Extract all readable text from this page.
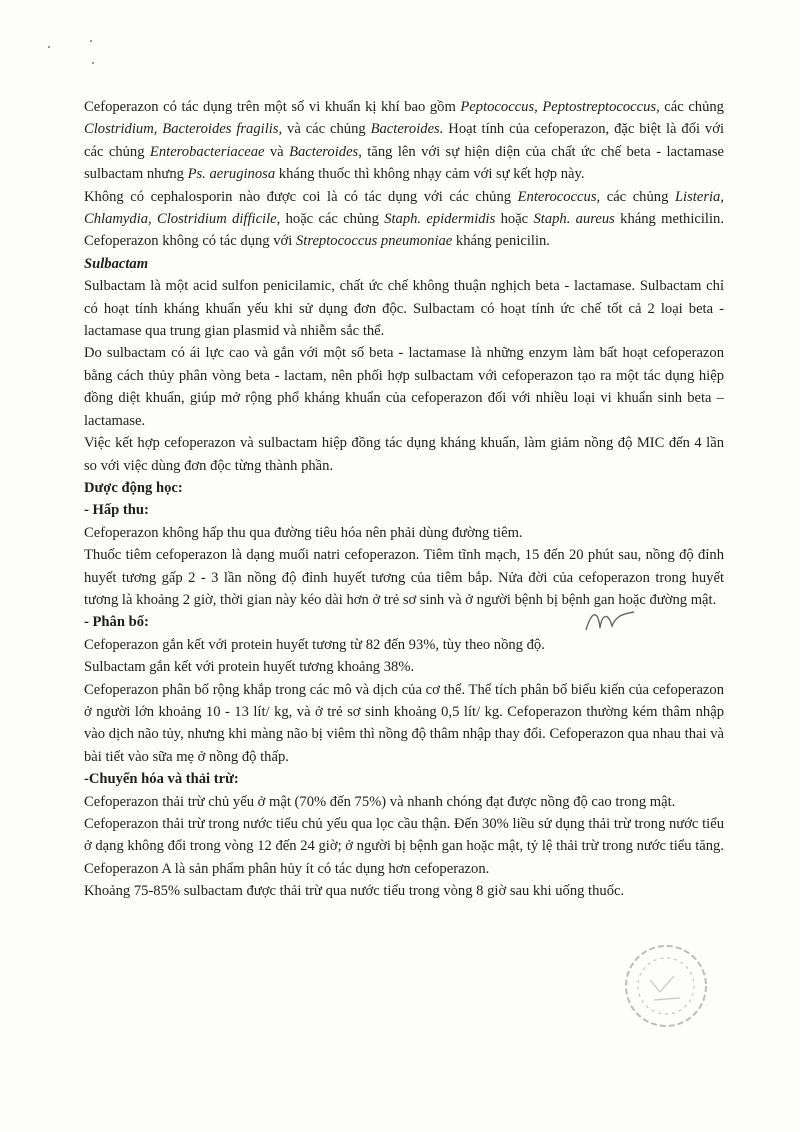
Cefoperazon có tác dụng trên một số vi khuẩn kị khí bao gồm Peptococcus, Peptostreptococcus, các chủng Clostridium, Bacteroides fragilis, và các chủng Bacteroides. Hoạt tính của cefoperazon, đặc biệt là đối với các chủng Enterobacteriaceae và Bacteroides, tăng lên với sự hiện diện của chất ức chế beta - lactamase sulbactam nhưng Ps. aeruginosa kháng thuốc thì không nhạy cảm với sự kết hợp này.

Không có cephalosporin nào được coi là có tác dụng với các chủng Enterococcus, các chủng Listeria, Chlamydia, Clostridium difficile, hoặc các chủng Staph. epidermidis hoặc Staph. aureus kháng methicilin. Cefoperazon không có tác dụng với Streptococcus pneumoniae kháng penicilin.

Sulbactam

Sulbactam là một acid sulfon penicilamic, chất ức chế không thuận nghịch beta - lactamase. Sulbactam chỉ có hoạt tính kháng khuẩn yếu khi sử dụng đơn độc. Sulbactam có hoạt tính ức chế tốt cả 2 loại beta - lactamase qua trung gian plasmid và nhiễm sắc thể.

Do sulbactam có ái lực cao và gắn với một số beta - lactamase là những enzym làm bất hoạt cefoperazon bằng cách thủy phân vòng beta - lactam, nên phối hợp sulbactam với cefoperazon tạo ra một tác dụng hiệp đồng diệt khuẩn, giúp mở rộng phổ kháng khuẩn của cefoperazon đối với nhiều loại vi khuẩn sinh beta – lactamase.

Việc kết hợp cefoperazon và sulbactam hiệp đồng tác dụng kháng khuẩn, làm giảm nồng độ MIC đến 4 lần so với việc dùng đơn độc từng thành phần.

Dược động học:

- Hấp thu:

Cefoperazon không hấp thu qua đường tiêu hóa nên phải dùng đường tiêm.

Thuốc tiêm cefoperazon là dạng muối natri cefoperazon. Tiêm tĩnh mạch, 15 đến 20 phút sau, nồng độ đỉnh huyết tương gấp 2 - 3 lần nồng độ đỉnh huyết tương của tiêm bắp. Nửa đời của cefoperazon trong huyết tương là khoảng 2 giờ, thời gian này kéo dài hơn ở trẻ sơ sinh và ở người bệnh bị bệnh gan hoặc đường mật.

- Phân bố:

Cefoperazon gắn kết với protein huyết tương từ 82 đến 93%, tùy theo nồng độ.

Sulbactam gắn kết với protein huyết tương khoảng 38%.

Cefoperazon phân bố rộng khắp trong các mô và dịch của cơ thể. Thể tích phân bố biểu kiến của cefoperazon ở người lớn khoảng 10 - 13 lít/ kg, và ở trẻ sơ sinh khoảng 0,5 lít/ kg. Cefoperazon thường kém thâm nhập vào dịch não tủy, nhưng khi màng não bị viêm thì nồng độ thâm nhập thay đổi. Cefoperazon qua nhau thai và bài tiết vào sữa mẹ ở nồng độ thấp.

-Chuyển hóa và thải trừ:

Cefoperazon thải trừ chủ yếu ở mật (70% đến 75%) và nhanh chóng đạt được nồng độ cao trong mật.

Cefoperazon thải trừ trong nước tiểu chủ yếu qua lọc cầu thận. Đến 30% liều sử dụng thải trừ trong nước tiểu ở dạng không đổi trong vòng 12 đến 24 giờ; ở người bị bệnh gan hoặc mật, tỷ lệ thải trừ trong nước tiểu tăng. Cefoperazon A là sản phẩm phân hủy ít có tác dụng hơn cefoperazon.

Khoảng 75-85% sulbactam được thải trừ qua nước tiểu trong vòng 8 giờ sau khi uống thuốc.
